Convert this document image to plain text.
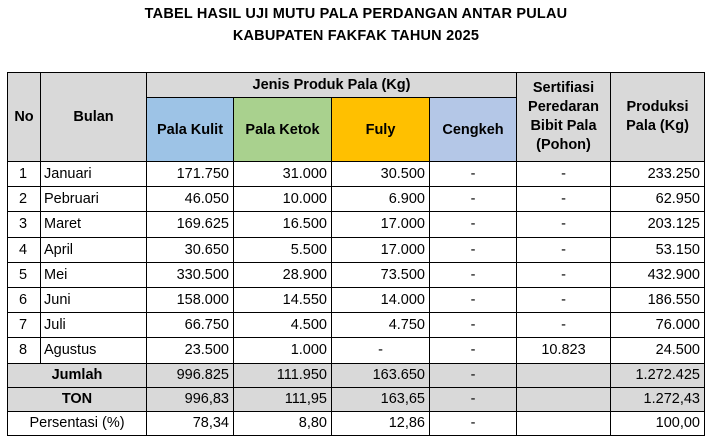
TABEL HASIL UJI MUTU PALA PERDANGAN ANTAR PULAU
KABUPATEN FAKFAK TAHUN 2025
No	Bulan	Jenis Produk Pala (Kg)				Sertifiasi Peredaran Bibit Pala (Pohon)	Produksi Pala (Kg)
		Pala Kulit	Pala Ketok	Fuly	Cengkeh		
1	Januari	171.750	31.000	30.500	-	-	233.250
2	Pebruari	46.050	10.000	6.900	-	-	62.950
3	Maret	169.625	16.500	17.000	-	-	203.125
4	April	30.650	5.500	17.000	-	-	53.150
5	Mei	330.500	28.900	73.500	-	-	432.900
6	Juni	158.000	14.550	14.000	-	-	186.550
7	Juli	66.750	4.500	4.750	-	-	76.000
8	Agustus	23.500	1.000	-	-	10.823	24.500
Jumlah		996.825	111.950	163.650	-		1.272.425
TON		996,83	111,95	163,65	-		1.272,43
Persentasi (%)		78,34	8,80	12,86	-		100,00
